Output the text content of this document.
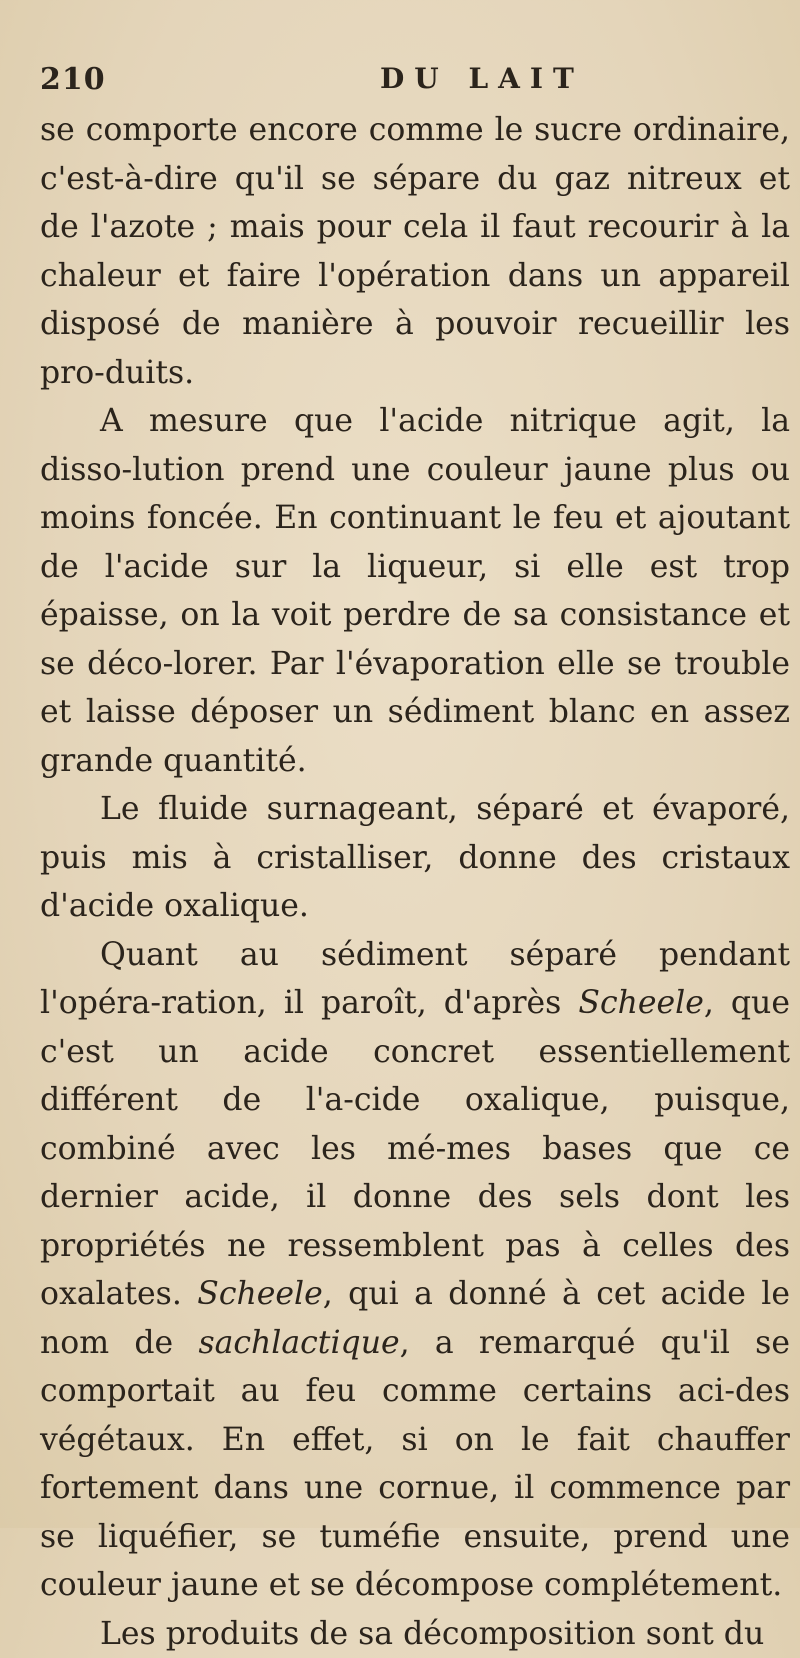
210	DU LAIT

se comporte encore comme le sucre ordinaire, c'est-à-dire qu'il se sépare du gaz nitreux et de l'azote ; mais pour cela il faut recourir à la chaleur et faire l'opération dans un appareil disposé de manière à pouvoir recueillir les pro-duits.

A mesure que l'acide nitrique agit, la disso-lution prend une couleur jaune plus ou moins foncée. En continuant le feu et ajoutant de l'acide sur la liqueur, si elle est trop épaisse, on la voit perdre de sa consistance et se déco-lorer. Par l'évaporation elle se trouble et laisse déposer un sédiment blanc en assez grande quantité.

Le fluide surnageant, séparé et évaporé, puis mis à cristalliser, donne des cristaux d'acide oxalique.

Quant au sédiment séparé pendant l'opéra-ration, il paroît, d'après Scheele, que c'est un acide concret essentiellement différent de l'a-cide oxalique, puisque, combiné avec les mé-mes bases que ce dernier acide, il donne des sels dont les propriétés ne ressemblent pas à celles des oxalates. Scheele, qui a donné à cet acide le nom de sachlactique, a remarqué qu'il se comportait au feu comme certains aci-des végétaux. En effet, si on le fait chauffer fortement dans une cornue, il commence par se liquéfier, se tuméfie ensuite, prend une couleur jaune et se décompose complétement.

Les produits de sa décomposition sont du
